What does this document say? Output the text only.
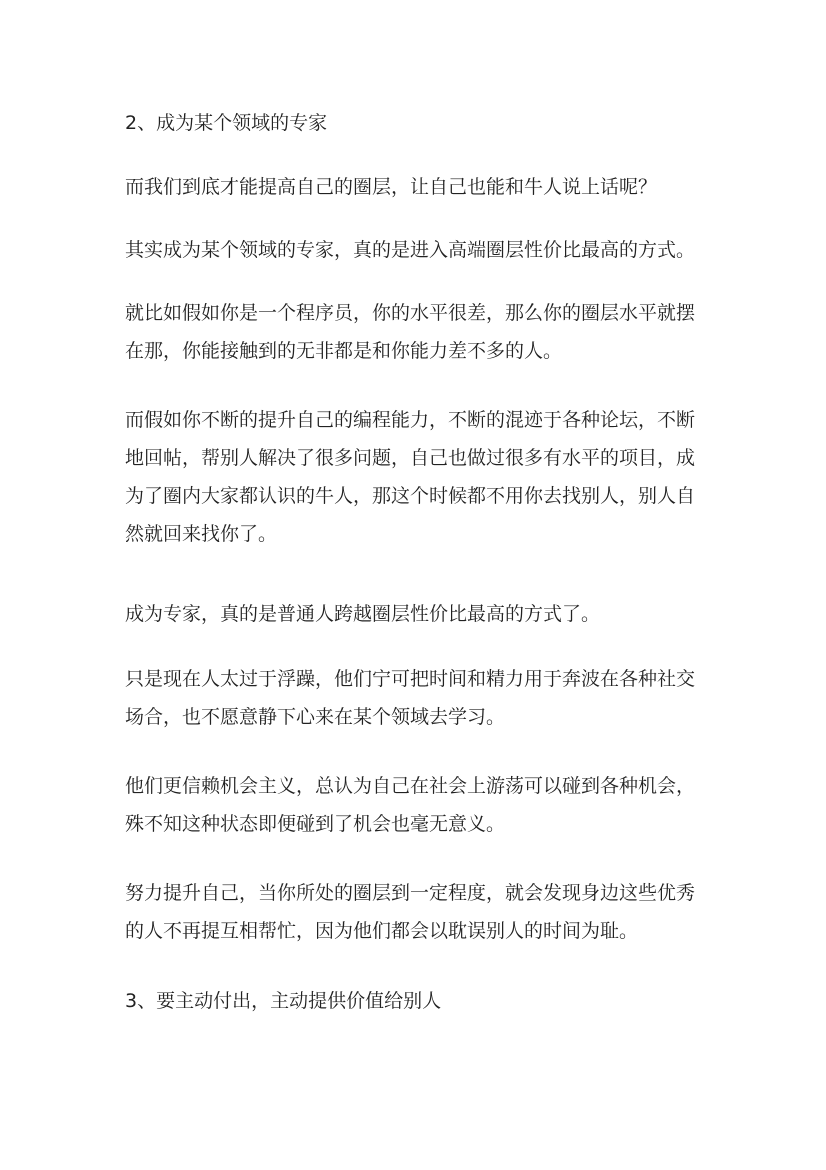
2、成为某个领域的专家

而我们到底才能提高自己的圈层，让自己也能和牛人说上话呢？

其实成为某个领域的专家，真的是进入高端圈层性价比最高的方式。

就比如假如你是一个程序员，你的水平很差，那么你的圈层水平就摆
在那，你能接触到的无非都是和你能力差不多的人。

而假如你不断的提升自己的编程能力，不断的混迹于各种论坛，不断
地回帖，帮别人解决了很多问题，自己也做过很多有水平的项目，成
为了圈内大家都认识的牛人，那这个时候都不用你去找别人，别人自
然就回来找你了。

成为专家，真的是普通人跨越圈层性价比最高的方式了。

只是现在人太过于浮躁，他们宁可把时间和精力用于奔波在各种社交
场合，也不愿意静下心来在某个领域去学习。

他们更信赖机会主义，总认为自己在社会上游荡可以碰到各种机会，
殊不知这种状态即便碰到了机会也毫无意义。

努力提升自己，当你所处的圈层到一定程度，就会发现身边这些优秀
的人不再提互相帮忙，因为他们都会以耽误别人的时间为耻。

3、要主动付出，主动提供价值给别人
